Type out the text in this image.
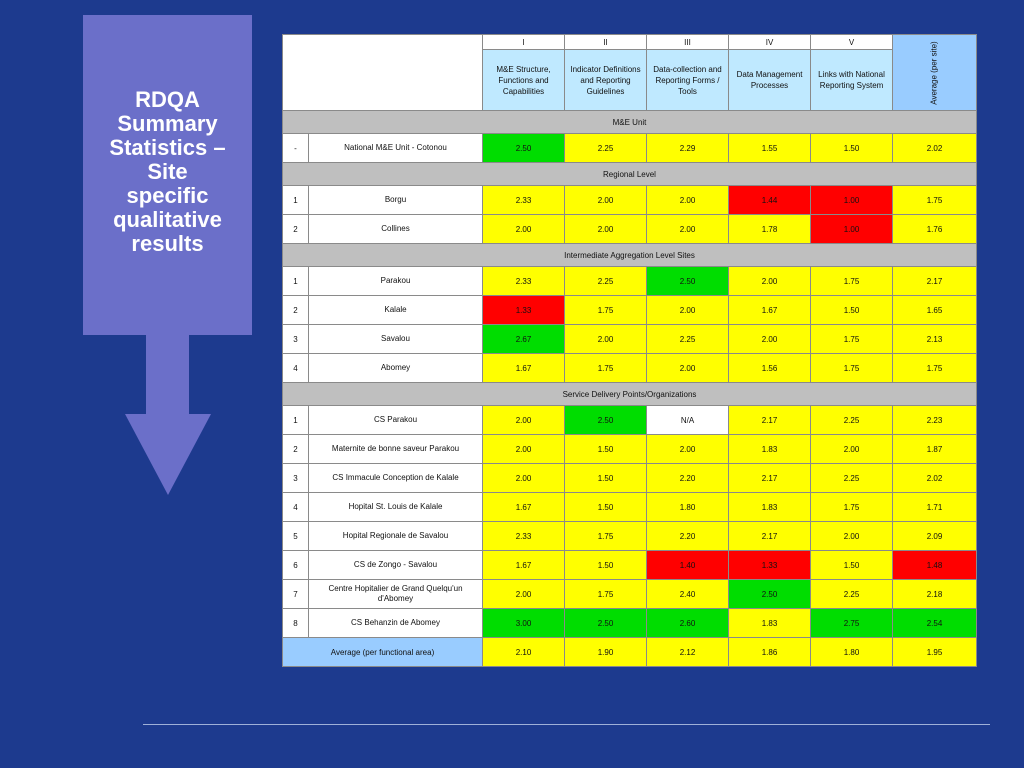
RDQA
Summary
Statistics –
Site
specific
qualitative
results
SUMMARY TABLE
Assessment of Data Management and Reporting Systems		I	II	III	IV	V	Average (per site)
		M&E Structure, Functions and Capabilities	Indicator Definitions and Reporting Guidelines	Data-collection and Reporting Forms / Tools	Data Management Processes	Links with National Reporting System	
M&E Unit							
-	National M&E Unit - Cotonou	2.50	2.25	2.29	1.55	1.50	2.02
Regional Level							
1	Borgu	2.33	2.00	2.00	1.44	1.00	1.75
2	Collines	2.00	2.00	2.00	1.78	1.00	1.76
Intermediate Aggregation Level Sites							
1	Parakou	2.33	2.25	2.50	2.00	1.75	2.17
2	Kalale	1.33	1.75	2.00	1.67	1.50	1.65
3	Savalou	2.67	2.00	2.25	2.00	1.75	2.13
4	Abomey	1.67	1.75	2.00	1.56	1.75	1.75
Service Delivery Points/Organizations							
1	CS Parakou	2.00	2.50	N/A	2.17	2.25	2.23
2	Maternite de bonne saveur Parakou	2.00	1.50	2.00	1.83	2.00	1.87
3	CS Immacule Conception de Kalale	2.00	1.50	2.20	2.17	2.25	2.02
4	Hopital St. Louis de Kalale	1.67	1.50	1.80	1.83	1.75	1.71
5	Hopital Regionale de Savalou	2.33	1.75	2.20	2.17	2.00	2.09
6	CS de Zongo - Savalou	1.67	1.50	1.40	1.33	1.50	1.48
7	Centre Hopitalier de Grand Quelqu'un d'Abomey	2.00	1.75	2.40	2.50	2.25	2.18
8	CS Behanzin de Abomey	3.00	2.50	2.60	1.83	2.75	2.54
Average (per functional area)		2.10	1.90	2.12	1.86	1.80	1.95
